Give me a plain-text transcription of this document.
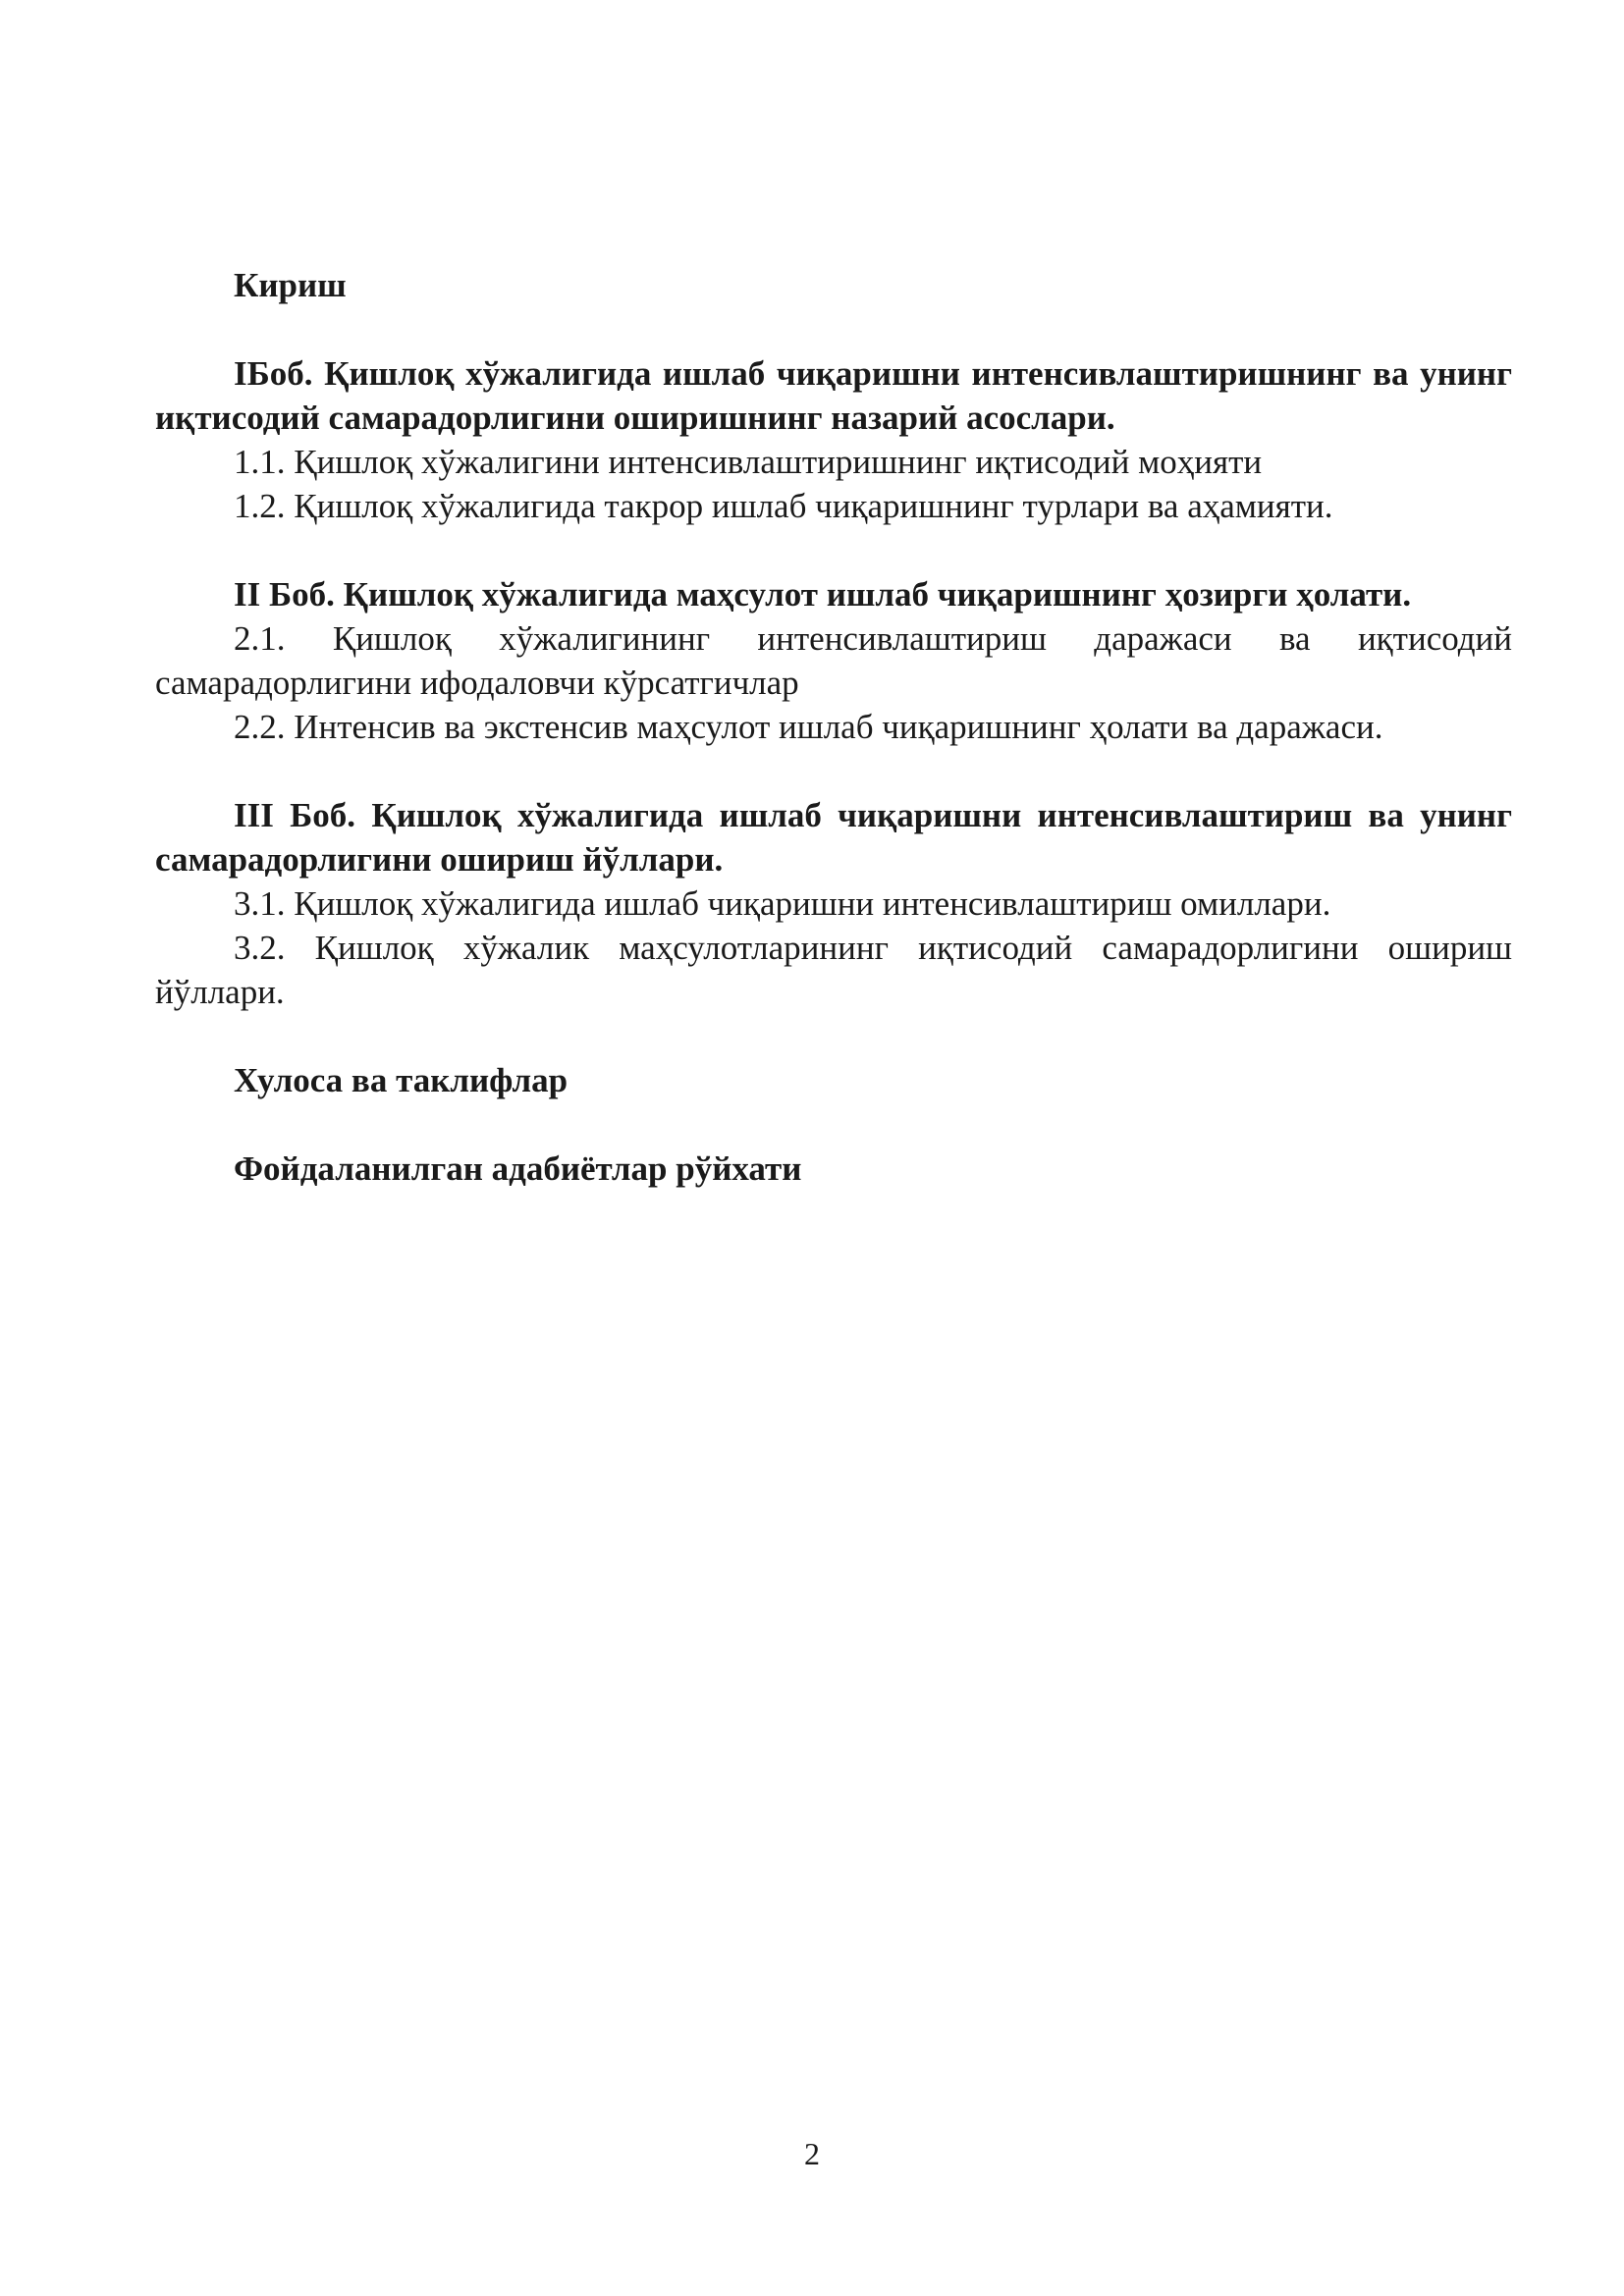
Кириш

IБоб. Қишлоқ хўжалигида ишлаб чиқаришни интенсивлаштиришнинг ва унинг иқтисодий самарадорлигини оширишнинг назарий асослари.

1.1. Қишлоқ хўжалигини интенсивлаштиришнинг иқтисодий моҳияти

1.2. Қишлоқ хўжалигида такрор ишлаб чиқаришнинг турлари ва аҳамияти.

II Боб. Қишлоқ хўжалигида маҳсулот ишлаб чиқаришнинг ҳозирги ҳолати.

2.1. Қишлоқ хўжалигининг интенсивлаштириш даражаси ва иқтисодий самарадорлигини ифодаловчи кўрсатгичлар

2.2. Интенсив ва экстенсив маҳсулот ишлаб чиқаришнинг ҳолати ва даражаси.

III Боб. Қишлоқ хўжалигида ишлаб чиқаришни интенсивлаштириш ва унинг самарадорлигини ошириш йўллари.

3.1. Қишлоқ хўжалигида ишлаб чиқаришни интенсивлаштириш омиллари.

3.2. Қишлоқ хўжалик маҳсулотларининг иқтисодий самарадорлигини ошириш йўллари.

Хулоса ва таклифлар

Фойдаланилган адабиётлар рўйхати

2
